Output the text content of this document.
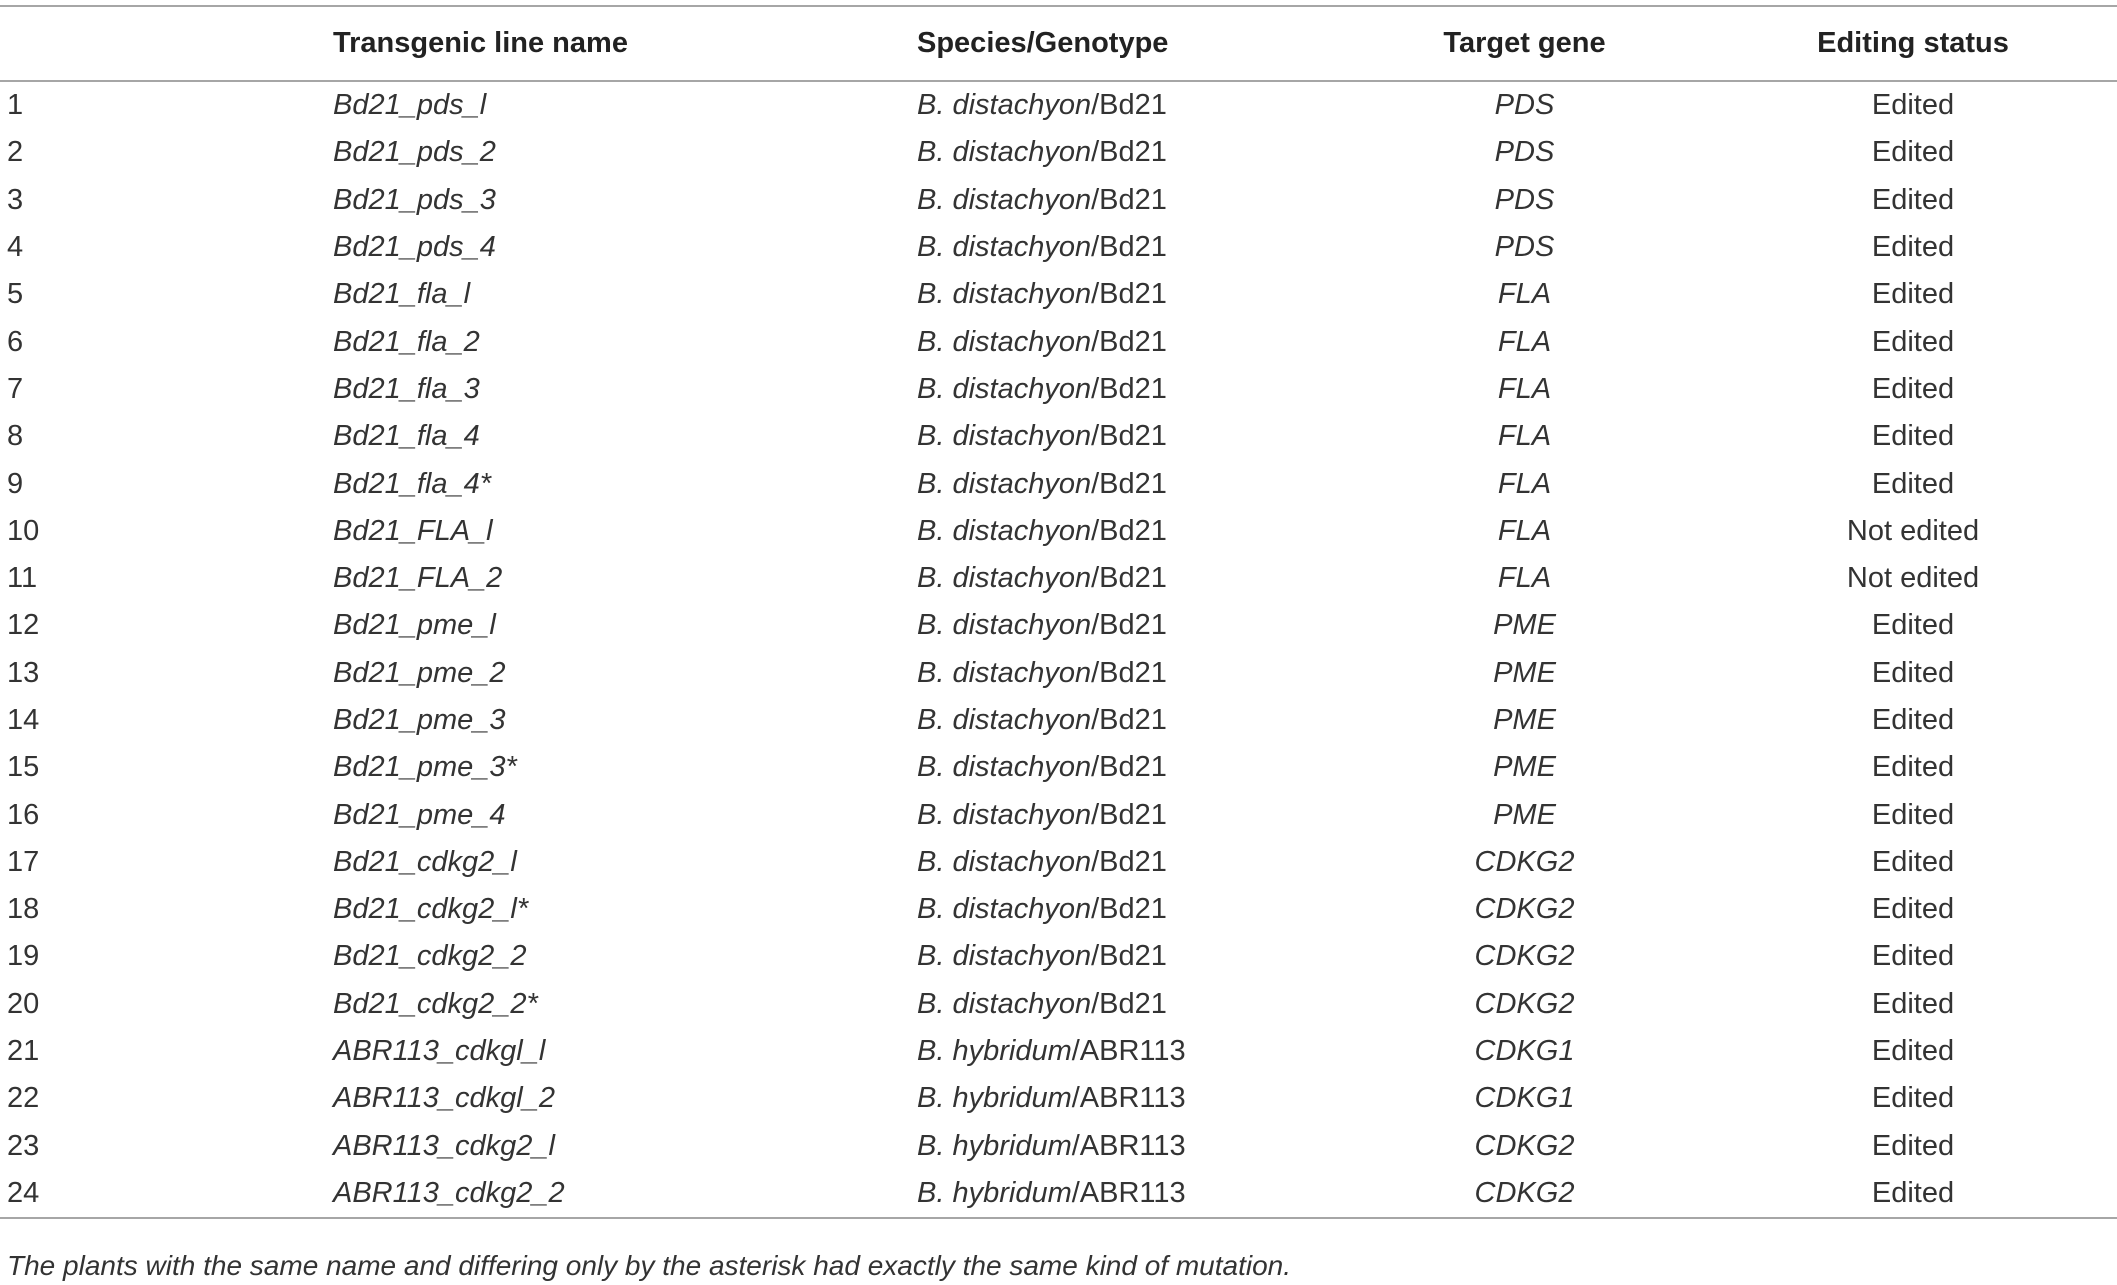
	Transgenic line name	Species/Genotype	Target gene	Editing status
1	Bd21_pds_l	B. distachyon/Bd21	PDS	Edited
2	Bd21_pds_2	B. distachyon/Bd21	PDS	Edited
3	Bd21_pds_3	B. distachyon/Bd21	PDS	Edited
4	Bd21_pds_4	B. distachyon/Bd21	PDS	Edited
5	Bd21_fla_l	B. distachyon/Bd21	FLA	Edited
6	Bd21_fla_2	B. distachyon/Bd21	FLA	Edited
7	Bd21_fla_3	B. distachyon/Bd21	FLA	Edited
8	Bd21_fla_4	B. distachyon/Bd21	FLA	Edited
9	Bd21_fla_4*	B. distachyon/Bd21	FLA	Edited
10	Bd21_FLA_l	B. distachyon/Bd21	FLA	Not edited
11	Bd21_FLA_2	B. distachyon/Bd21	FLA	Not edited
12	Bd21_pme_l	B. distachyon/Bd21	PME	Edited
13	Bd21_pme_2	B. distachyon/Bd21	PME	Edited
14	Bd21_pme_3	B. distachyon/Bd21	PME	Edited
15	Bd21_pme_3*	B. distachyon/Bd21	PME	Edited
16	Bd21_pme_4	B. distachyon/Bd21	PME	Edited
17	Bd21_cdkg2_l	B. distachyon/Bd21	CDKG2	Edited
18	Bd21_cdkg2_l*	B. distachyon/Bd21	CDKG2	Edited
19	Bd21_cdkg2_2	B. distachyon/Bd21	CDKG2	Edited
20	Bd21_cdkg2_2*	B. distachyon/Bd21	CDKG2	Edited
21	ABR113_cdkgl_l	B. hybridum/ABR113	CDKG1	Edited
22	ABR113_cdkgl_2	B. hybridum/ABR113	CDKG1	Edited
23	ABR113_cdkg2_l	B. hybridum/ABR113	CDKG2	Edited
24	ABR113_cdkg2_2	B. hybridum/ABR113	CDKG2	Edited
The plants with the same name and differing only by the asterisk had exactly the same kind of mutation.
